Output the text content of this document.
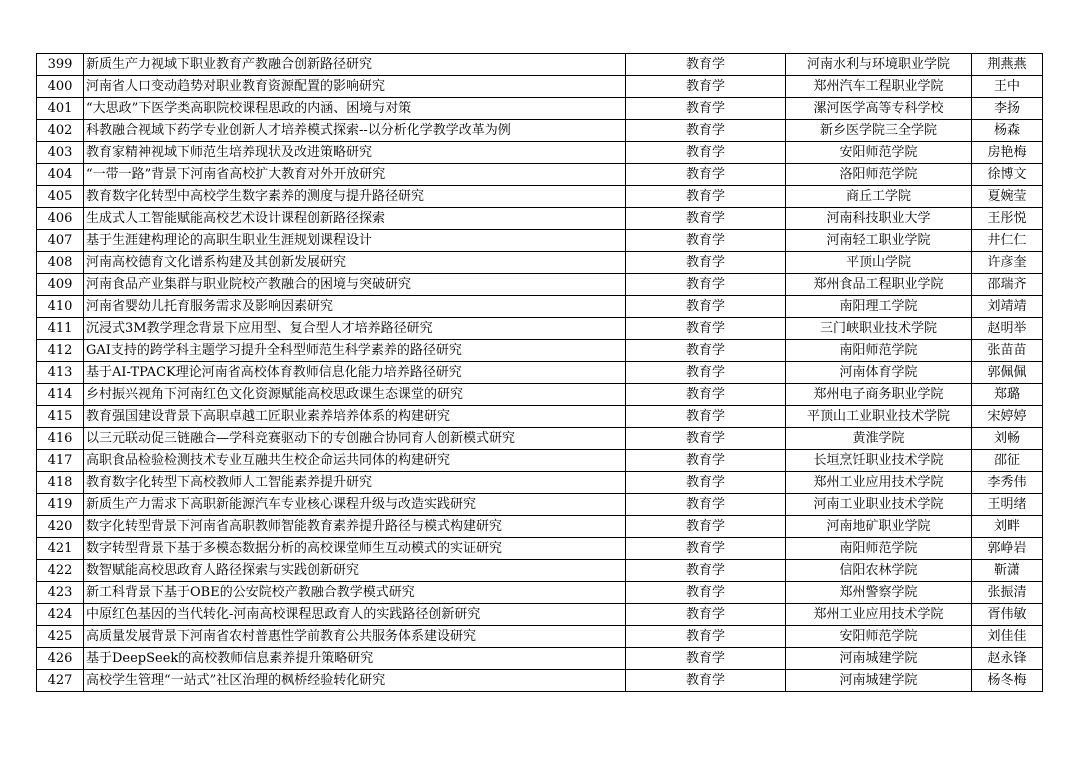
399	新质生产力视域下职业教育产教融合创新路径研究	教育学	河南水利与环境职业学院	荆燕燕
400	河南省人口变动趋势对职业教育资源配置的影响研究	教育学	郑州汽车工程职业学院	王中
401	“大思政”下医学类高职院校课程思政的内涵、困境与对策	教育学	漯河医学高等专科学校	李扬
402	科教融合视域下药学专业创新人才培养模式探索--以分析化学教学改革为例	教育学	新乡医学院三全学院	杨森
403	教育家精神视域下师范生培养现状及改进策略研究	教育学	安阳师范学院	房艳梅
404	“一带一路”背景下河南省高校扩大教育对外开放研究	教育学	洛阳师范学院	徐博文
405	教育数字化转型中高校学生数字素养的测度与提升路径研究	教育学	商丘工学院	夏婉莹
406	生成式人工智能赋能高校艺术设计课程创新路径探索	教育学	河南科技职业大学	王彤悦
407	基于生涯建构理论的高职生职业生涯规划课程设计	教育学	河南轻工职业学院	井仁仁
408	河南高校德育文化谱系构建及其创新发展研究	教育学	平顶山学院	许彦奎
409	河南食品产业集群与职业院校产教融合的困境与突破研究	教育学	郑州食品工程职业学院	邵瑞齐
410	河南省婴幼儿托育服务需求及影响因素研究	教育学	南阳理工学院	刘靖靖
411	沉浸式3M教学理念背景下应用型、复合型人才培养路径研究	教育学	三门峡职业技术学院	赵明举
412	GAI支持的跨学科主题学习提升全科型师范生科学素养的路径研究	教育学	南阳师范学院	张苗苗
413	基于AI-TPACK理论河南省高校体育教师信息化能力培养路径研究	教育学	河南体育学院	郭佩佩
414	乡村振兴视角下河南红色文化资源赋能高校思政课生态课堂的研究	教育学	郑州电子商务职业学院	郑璐
415	教育强国建设背景下高职卓越工匠职业素养培养体系的构建研究	教育学	平顶山工业职业技术学院	宋婷婷
416	以三元联动促三链融合—学科竞赛驱动下的专创融合协同育人创新模式研究	教育学	黄淮学院	刘畅
417	高职食品检验检测技术专业互融共生校企命运共同体的构建研究	教育学	长垣烹饪职业技术学院	邵征
418	教育数字化转型下高校教师人工智能素养提升研究	教育学	郑州工业应用技术学院	李秀伟
419	新质生产力需求下高职新能源汽车专业核心课程升级与改造实践研究	教育学	河南工业职业技术学院	王明绪
420	数字化转型背景下河南省高职教师智能教育素养提升路径与模式构建研究	教育学	河南地矿职业学院	刘畔
421	数字转型背景下基于多模态数据分析的高校课堂师生互动模式的实证研究	教育学	南阳师范学院	郭峥岩
422	数智赋能高校思政育人路径探索与实践创新研究	教育学	信阳农林学院	靳潇
423	新工科背景下基于OBE的公安院校产教融合教学模式研究	教育学	郑州警察学院	张振清
424	中原红色基因的当代转化-河南高校课程思政育人的实践路径创新研究	教育学	郑州工业应用技术学院	胥伟敏
425	高质量发展背景下河南省农村普惠性学前教育公共服务体系建设研究	教育学	安阳师范学院	刘佳佳
426	基于DeepSeek的高校教师信息素养提升策略研究	教育学	河南城建学院	赵永锋
427	高校学生管理“一站式”社区治理的枫桥经验转化研究	教育学	河南城建学院	杨冬梅
